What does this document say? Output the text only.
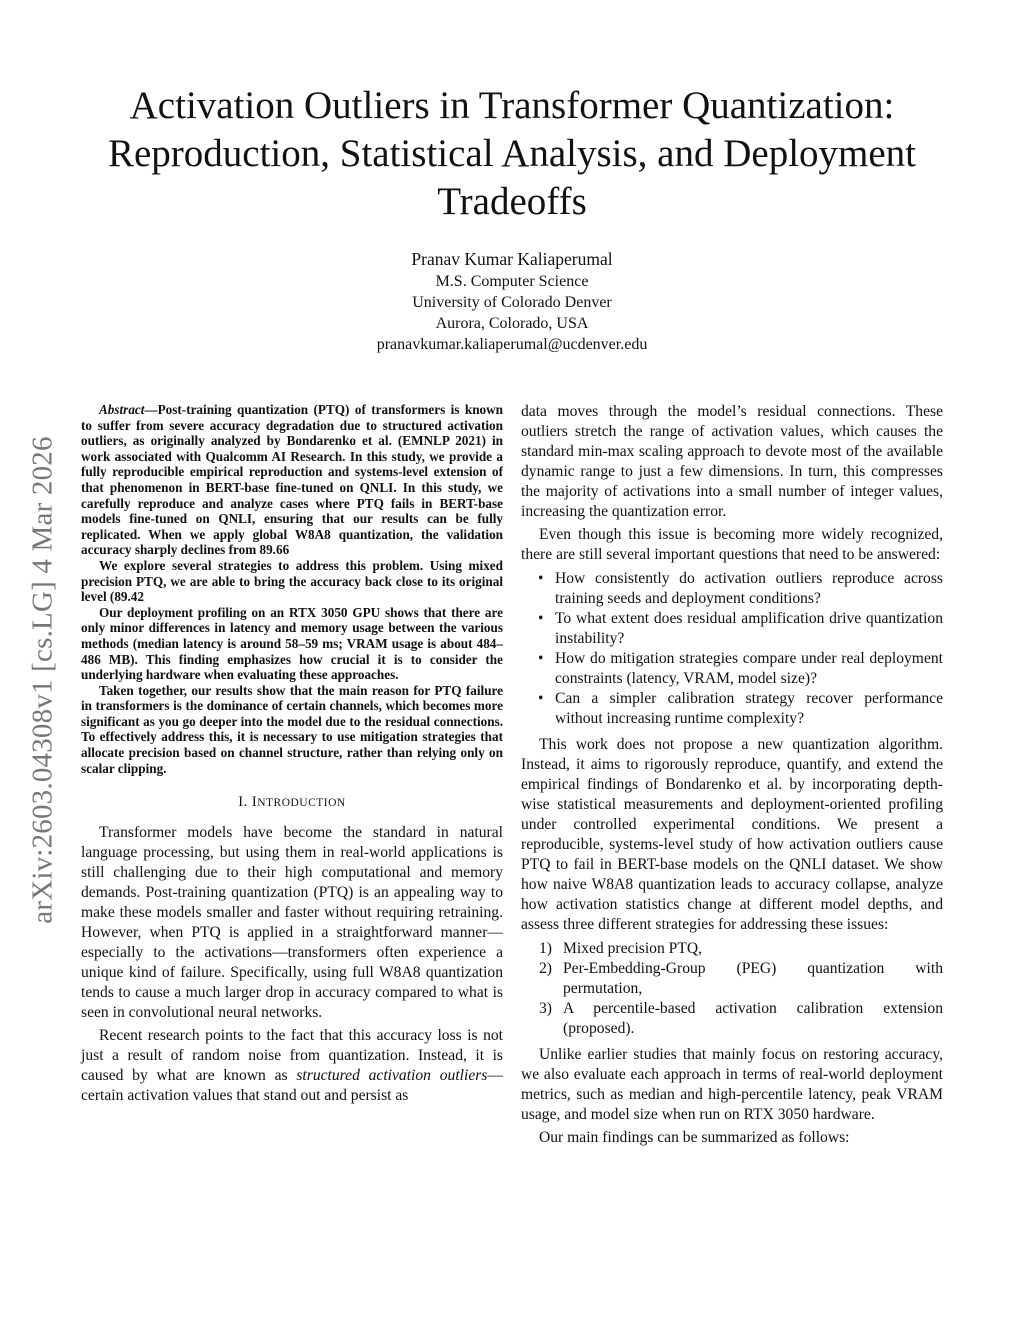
arXiv:2603.04308v1 [cs.LG] 4 Mar 2026
Activation Outliers in Transformer Quantization: Reproduction, Statistical Analysis, and Deployment Tradeoffs
Pranav Kumar Kaliaperumal
M.S. Computer Science
University of Colorado Denver
Aurora, Colorado, USA
pranavkumar.kaliaperumal@ucdenver.edu

Abstract—Post-training quantization (PTQ) of transformers is known to suffer from severe accuracy degradation due to structured activation outliers, as originally analyzed by Bondarenko et al. (EMNLP 2021) in work associated with Qualcomm AI Research. In this study, we provide a fully reproducible empirical reproduction and systems-level extension of that phenomenon in BERT-base fine-tuned on QNLI. In this study, we carefully reproduce and analyze cases where PTQ fails in BERT-base models fine-tuned on QNLI, ensuring that our results can be fully replicated. When we apply global W8A8 quantization, the validation accuracy sharply declines from 89.66

We explore several strategies to address this problem. Using mixed precision PTQ, we are able to bring the accuracy back close to its original level (89.42

Our deployment profiling on an RTX 3050 GPU shows that there are only minor differences in latency and memory usage between the various methods (median latency is around 58–59 ms; VRAM usage is about 484–486 MB). This finding emphasizes how crucial it is to consider the underlying hardware when evaluating these approaches.

Taken together, our results show that the main reason for PTQ failure in transformers is the dominance of certain channels, which becomes more significant as you go deeper into the model due to the residual connections. To effectively address this, it is necessary to use mitigation strategies that allocate precision based on channel structure, rather than relying only on scalar clipping.

I. INTRODUCTION

Transformer models have become the standard in natural language processing, but using them in real-world applications is still challenging due to their high computational and memory demands. Post-training quantization (PTQ) is an appealing way to make these models smaller and faster without requiring retraining. However, when PTQ is applied in a straightforward manner—especially to the activations—transformers often experience a unique kind of failure. Specifically, using full W8A8 quantization tends to cause a much larger drop in accuracy compared to what is seen in convolutional neural networks.

Recent research points to the fact that this accuracy loss is not just a result of random noise from quantization. Instead, it is caused by what are known as structured activation outliers—certain activation values that stand out and persist as

data moves through the model’s residual connections. These outliers stretch the range of activation values, which causes the standard min-max scaling approach to devote most of the available dynamic range to just a few dimensions. In turn, this compresses the majority of activations into a small number of integer values, increasing the quantization error.

Even though this issue is becoming more widely recognized, there are still several important questions that need to be answered:

• How consistently do activation outliers reproduce across training seeds and deployment conditions?
• To what extent does residual amplification drive quantization instability?
• How do mitigation strategies compare under real deployment constraints (latency, VRAM, model size)?
• Can a simpler calibration strategy recover performance without increasing runtime complexity?

This work does not propose a new quantization algorithm. Instead, it aims to rigorously reproduce, quantify, and extend the empirical findings of Bondarenko et al. by incorporating depth-wise statistical measurements and deployment-oriented profiling under controlled experimental conditions. We present a reproducible, systems-level study of how activation outliers cause PTQ to fail in BERT-base models on the QNLI dataset. We show how naive W8A8 quantization leads to accuracy collapse, analyze how activation statistics change at different model depths, and assess three different strategies for addressing these issues:

1) Mixed precision PTQ,
2) Per-Embedding-Group (PEG) quantization with permutation,
3) A percentile-based activation calibration extension (proposed).

Unlike earlier studies that mainly focus on restoring accuracy, we also evaluate each approach in terms of real-world deployment metrics, such as median and high-percentile latency, peak VRAM usage, and model size when run on RTX 3050 hardware.

Our main findings can be summarized as follows:
